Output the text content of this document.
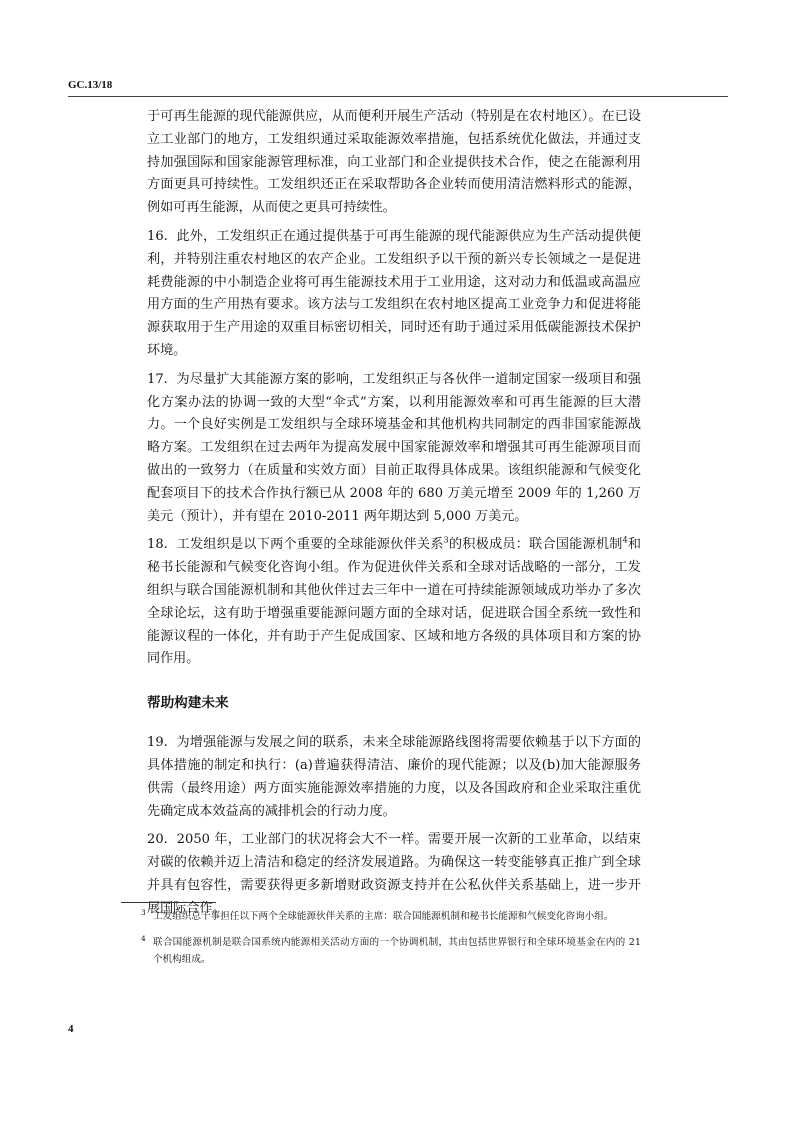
GC.13/18

于可再生能源的现代能源供应，从而便利开展生产活动（特别是在农村地区）。在已设立工业部门的地方，工发组织通过采取能源效率措施，包括系统优化做法，并通过支持加强国际和国家能源管理标准，向工业部门和企业提供技术合作，使之在能源利用方面更具可持续性。工发组织还正在采取帮助各企业转而使用清洁燃料形式的能源，例如可再生能源，从而使之更具可持续性。

16. 此外，工发组织正在通过提供基于可再生能源的现代能源供应为生产活动提供便利，并特别注重农村地区的农产企业。工发组织予以干预的新兴专长领域之一是促进耗费能源的中小制造企业将可再生能源技术用于工业用途，这对动力和低温或高温应用方面的生产用热有要求。该方法与工发组织在农村地区提高工业竞争力和促进将能源获取用于生产用途的双重目标密切相关，同时还有助于通过采用低碳能源技术保护环境。

17. 为尽量扩大其能源方案的影响，工发组织正与各伙伴一道制定国家一级项目和强化方案办法的协调一致的大型“伞式”方案，以利用能源效率和可再生能源的巨大潜力。一个良好实例是工发组织与全球环境基金和其他机构共同制定的西非国家能源战略方案。工发组织在过去两年为提高发展中国家能源效率和增强其可再生能源项目而做出的一致努力（在质量和实效方面）目前正取得具体成果。该组织能源和气候变化配套项目下的技术合作执行额已从 2008 年的 680 万美元增至 2009 年的 1,260 万美元（预计），并有望在 2010-2011 两年期达到 5,000 万美元。

18. 工发组织是以下两个重要的全球能源伙伴关系$^3$的积极成员：联合国能源机制$^4$和秘书长能源和气候变化咨询小组。作为促进伙伴关系和全球对话战略的一部分，工发组织与联合国能源机制和其他伙伴过去三年中一道在可持续能源领域成功举办了多次全球论坛，这有助于增强重要能源问题方面的全球对话，促进联合国全系统一致性和能源议程的一体化，并有助于产生促成国家、区域和地方各级的具体项目和方案的协同作用。

帮助构建未来

19. 为增强能源与发展之间的联系，未来全球能源路线图将需要依赖基于以下方面的具体措施的制定和执行：(a)普遍获得清洁、廉价的现代能源；以及(b)加大能源服务供需（最终用途）两方面实施能源效率措施的力度，以及各国政府和企业采取注重优先确定成本效益高的减排机会的行动力度。

20. 2050 年，工业部门的状况将会大不一样。需要开展一次新的工业革命，以结束对碳的依赖并迈上清洁和稳定的经济发展道路。为确保这一转变能够真正推广到全球并具有包容性，需要获得更多新增财政资源支持并在公私伙伴关系基础上，进一步开展国际合作。

3 工发组织总干事担任以下两个全球能源伙伴关系的主席：联合国能源机制和秘书长能源和气候变化咨询小组。

4 联合国能源机制是联合国系统内能源相关活动方面的一个协调机制，其由包括世界银行和全球环境基金在内的 21 个机构组成。

4
